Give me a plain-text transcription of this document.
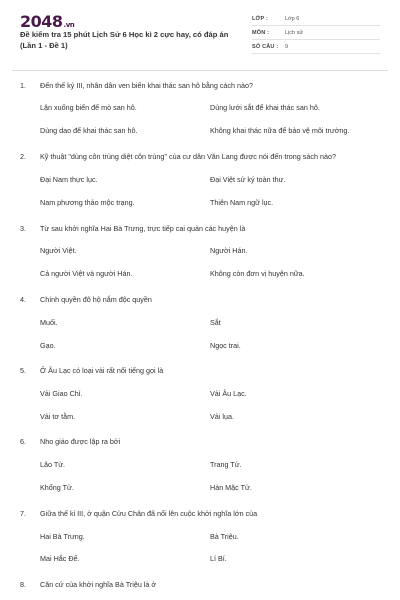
2048.vn
Đề kiểm tra 15 phút Lịch Sử 6 Học kì 2 cực hay, có đáp án (Lần 1 - Đề 1)
LỚP :	Lớp 6
MÔN :	Lịch sử
SỐ CÂU :	9
1. Đến thế kỷ III, nhân dân ven biển khai thác san hô bằng cách nào?
Lặn xuống biển để mò san hô.	Dùng lưới sắt để khai thác san hô.
Dùng dao để khai thác san hô.	Không khai thác nữa để bảo vệ môi trường.
2. Kỹ thuật "dùng côn trùng diệt côn trùng" của cư dân Văn Lang được nói đến trong sách nào?
Đại Nam thực lục.	Đại Việt sử ký toàn thư.
Nam phương thảo mộc trạng.	Thiên Nam ngữ lục.
3. Từ sau khởi nghĩa Hai Bà Trưng, trực tiếp cai quản các huyện là
Người Việt.	Người Hán.
Cả người Việt và người Hán.	Không còn đơn vị huyện nữa.
4. Chính quyền đô hộ nắm độc quyền
Muối.	Sắt
Gạo.	Ngọc trai.
5. Ở Âu Lạc có loại vải rất nổi tiếng gọi là
Vải Giao Chỉ.	Vải Âu Lạc.
Vải tơ tằm.	Vải lụa.
6. Nho giáo được lập ra bởi
Lão Tử.	Trang Tử.
Khổng Tử.	Hàn Mặc Tử.
7. Giữa thế kỉ III, ở quận Cửu Chân đã nổi lên cuộc khởi nghĩa lớn của
Hai Bà Trưng.	Bà Triệu.
Mai Hắc Đế.	Lí Bí.
8. Căn cứ của khởi nghĩa Bà Triệu là ở
